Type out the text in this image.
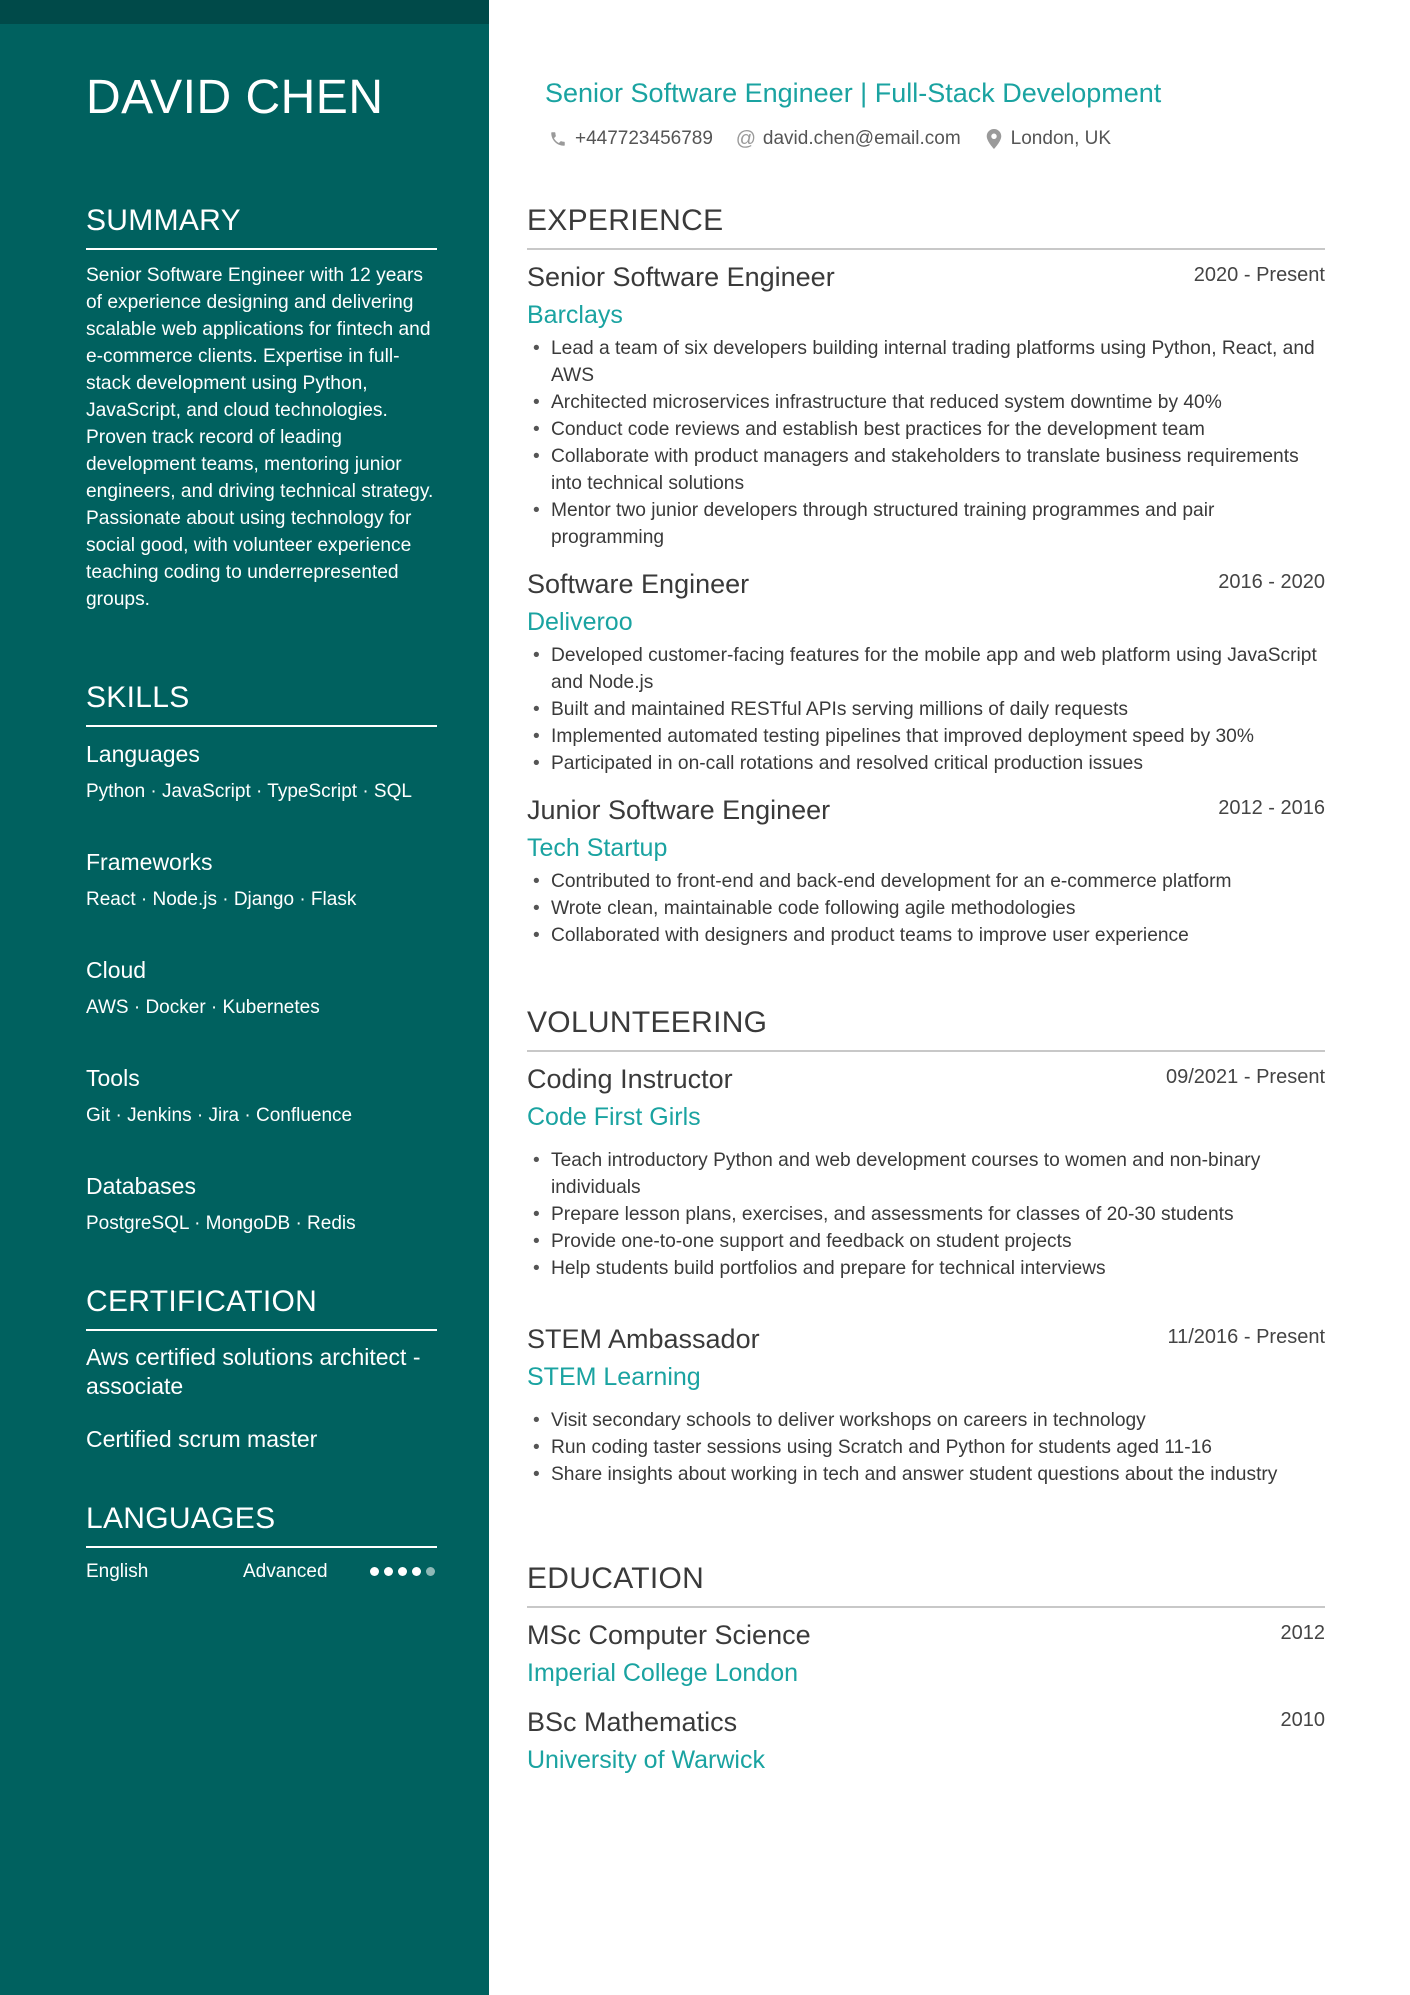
DAVID CHEN
SUMMARY
Senior Software Engineer with 12 years of experience designing and delivering scalable web applications for fintech and e-commerce clients. Expertise in full-stack development using Python, JavaScript, and cloud technologies. Proven track record of leading development teams, mentoring junior engineers, and driving technical strategy. Passionate about using technology for social good, with volunteer experience teaching coding to underrepresented groups.
SKILLS
Languages
Python · JavaScript · TypeScript · SQL
Frameworks
React · Node.js · Django · Flask
Cloud
AWS · Docker · Kubernetes
Tools
Git · Jenkins · Jira · Confluence
Databases
PostgreSQL · MongoDB · Redis
CERTIFICATION
Aws certified solutions architect - associate
Certified scrum master
LANGUAGES
English	Advanced
Senior Software Engineer | Full-Stack Development
+447723456789 @ david.chen@email.com	London, UK
EXPERIENCE
Senior Software Engineer	2020 - Present
Barclays
• Lead a team of six developers building internal trading platforms using Python, React, and AWS
• Architected microservices infrastructure that reduced system downtime by 40%
• Conduct code reviews and establish best practices for the development team
• Collaborate with product managers and stakeholders to translate business requirements into technical solutions
• Mentor two junior developers through structured training programmes and pair programming
Software Engineer	2016 - 2020
Deliveroo
• Developed customer-facing features for the mobile app and web platform using JavaScript and Node.js
• Built and maintained RESTful APIs serving millions of daily requests
• Implemented automated testing pipelines that improved deployment speed by 30%
• Participated in on-call rotations and resolved critical production issues
Junior Software Engineer	2012 - 2016
Tech Startup
• Contributed to front-end and back-end development for an e-commerce platform
• Wrote clean, maintainable code following agile methodologies
• Collaborated with designers and product teams to improve user experience
VOLUNTEERING
Coding Instructor	09/2021 - Present
Code First Girls
• Teach introductory Python and web development courses to women and non-binary individuals
• Prepare lesson plans, exercises, and assessments for classes of 20-30 students
• Provide one-to-one support and feedback on student projects
• Help students build portfolios and prepare for technical interviews
STEM Ambassador	11/2016 - Present
STEM Learning
• Visit secondary schools to deliver workshops on careers in technology
• Run coding taster sessions using Scratch and Python for students aged 11-16
• Share insights about working in tech and answer student questions about the industry
EDUCATION
MSc Computer Science	2012
Imperial College London
BSc Mathematics	2010
University of Warwick
